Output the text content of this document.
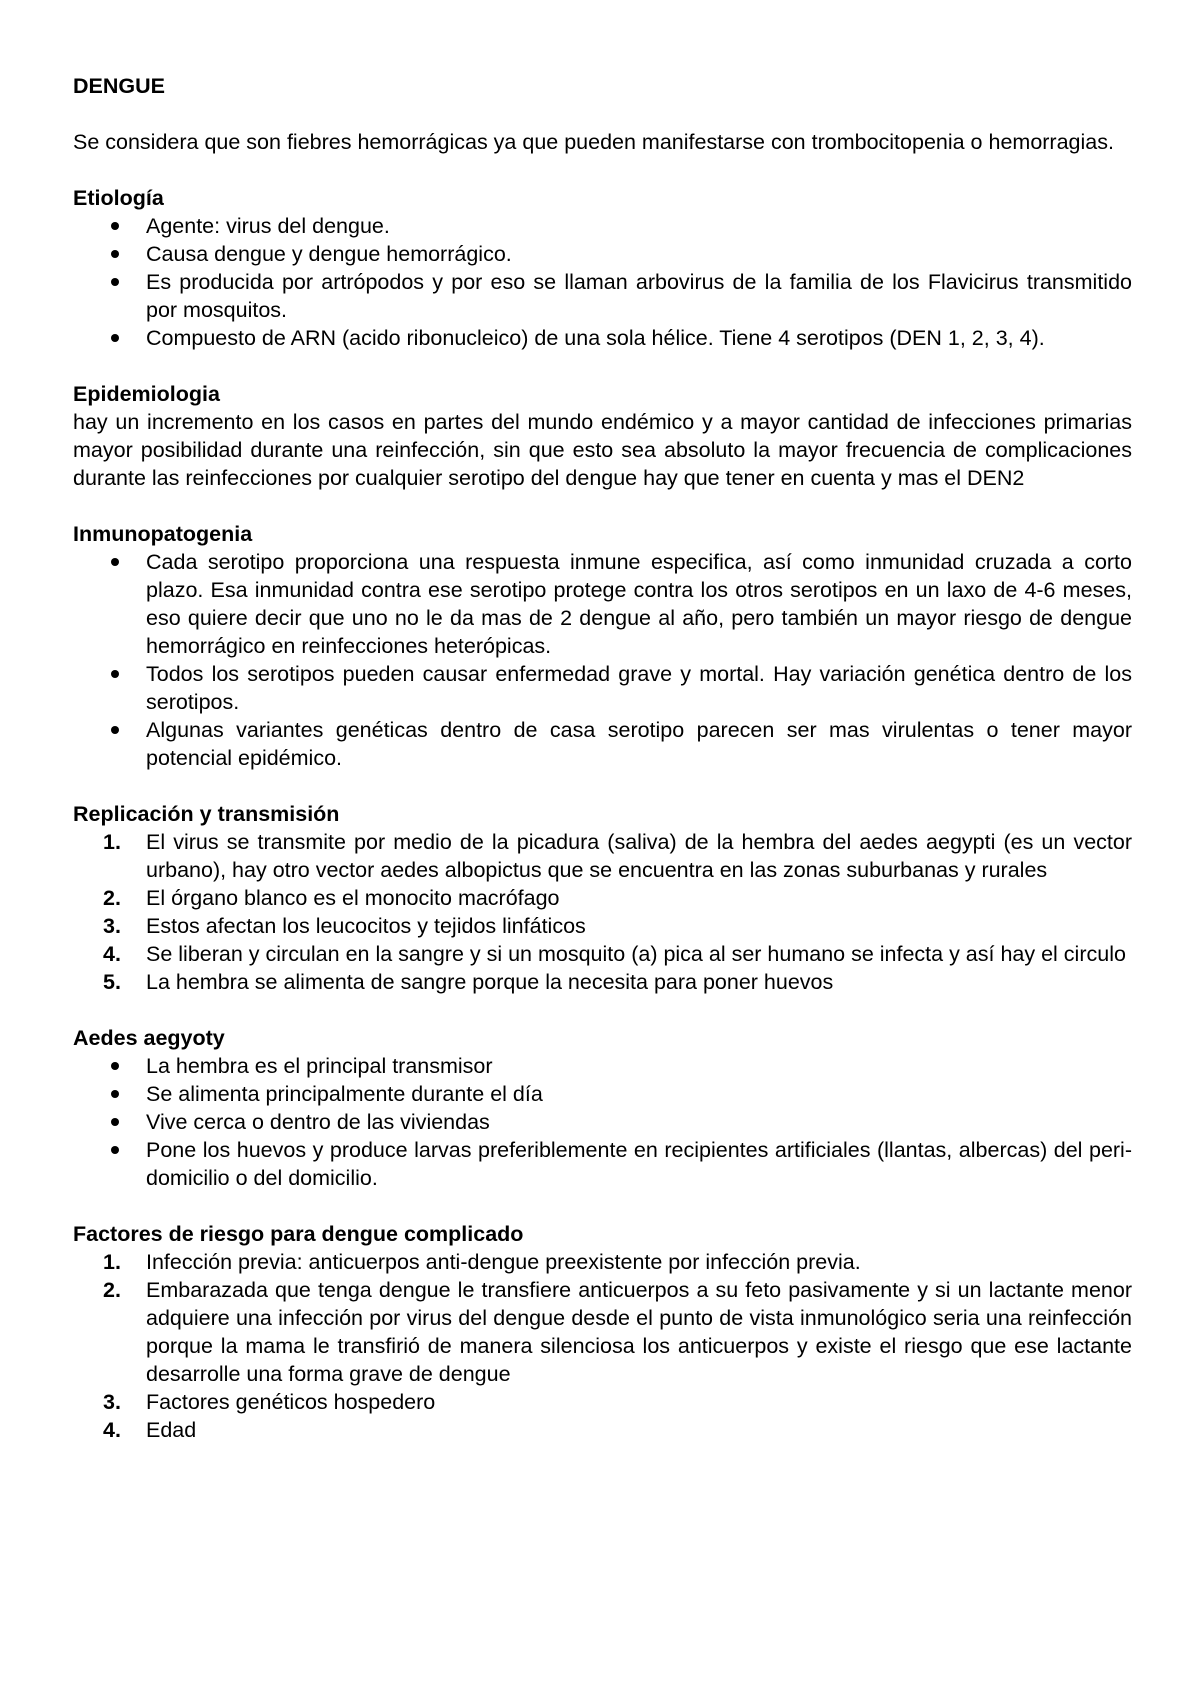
DENGUE

Se considera que son fiebres hemorrágicas ya que pueden manifestarse con trombocitopenia o hemorragias.

Etiología
Agente: virus del dengue.
Causa dengue y dengue hemorrágico.
Es producida por artrópodos y por eso se llaman arbovirus de la familia de los Flavicirus transmitido por mosquitos.
Compuesto de ARN (acido ribonucleico) de una sola hélice. Tiene 4 serotipos (DEN 1, 2, 3, 4).
Epidemiologia

hay un incremento en los casos en partes del mundo endémico y a mayor cantidad de infecciones primarias mayor posibilidad durante una reinfección, sin que esto sea absoluto la mayor frecuencia de complicaciones durante las reinfecciones por cualquier serotipo del dengue hay que tener en cuenta y mas el DEN2

Inmunopatogenia
Cada serotipo proporciona una respuesta inmune especifica, así como inmunidad cruzada a corto plazo. Esa inmunidad contra ese serotipo protege contra los otros serotipos en un laxo de 4-6 meses, eso quiere decir que uno no le da mas de 2 dengue al año, pero también un mayor riesgo de dengue hemorrágico en reinfecciones heterópicas.
Todos los serotipos pueden causar enfermedad grave y mortal. Hay variación genética dentro de los serotipos.
Algunas variantes genéticas dentro de casa serotipo parecen ser mas virulentas o tener mayor potencial epidémico.
Replicación y transmisión
1. El virus se transmite por medio de la picadura (saliva) de la hembra del aedes aegypti (es un vector urbano), hay otro vector aedes albopictus que se encuentra en las zonas suburbanas y rurales
2. El órgano blanco es el monocito macrófago
3. Estos afectan los leucocitos y tejidos linfáticos
4. Se liberan y circulan en la sangre y si un mosquito (a) pica al ser humano se infecta y así hay el circulo
5. La hembra se alimenta de sangre porque la necesita para poner huevos
Aedes aegyoty
La hembra es el principal transmisor
Se alimenta principalmente durante el día
Vive cerca o dentro de las viviendas
Pone los huevos y produce larvas preferiblemente en recipientes artificiales (llantas, albercas) del peri-domicilio o del domicilio.
Factores de riesgo para dengue complicado
1. Infección previa: anticuerpos anti-dengue preexistente por infección previa.
2. Embarazada que tenga dengue le transfiere anticuerpos a su feto pasivamente y si un lactante menor adquiere una infección por virus del dengue desde el punto de vista inmunológico seria una reinfección porque la mama le transfirió de manera silenciosa los anticuerpos y existe el riesgo que ese lactante desarrolle una forma grave de dengue
3. Factores genéticos hospedero
4. Edad
